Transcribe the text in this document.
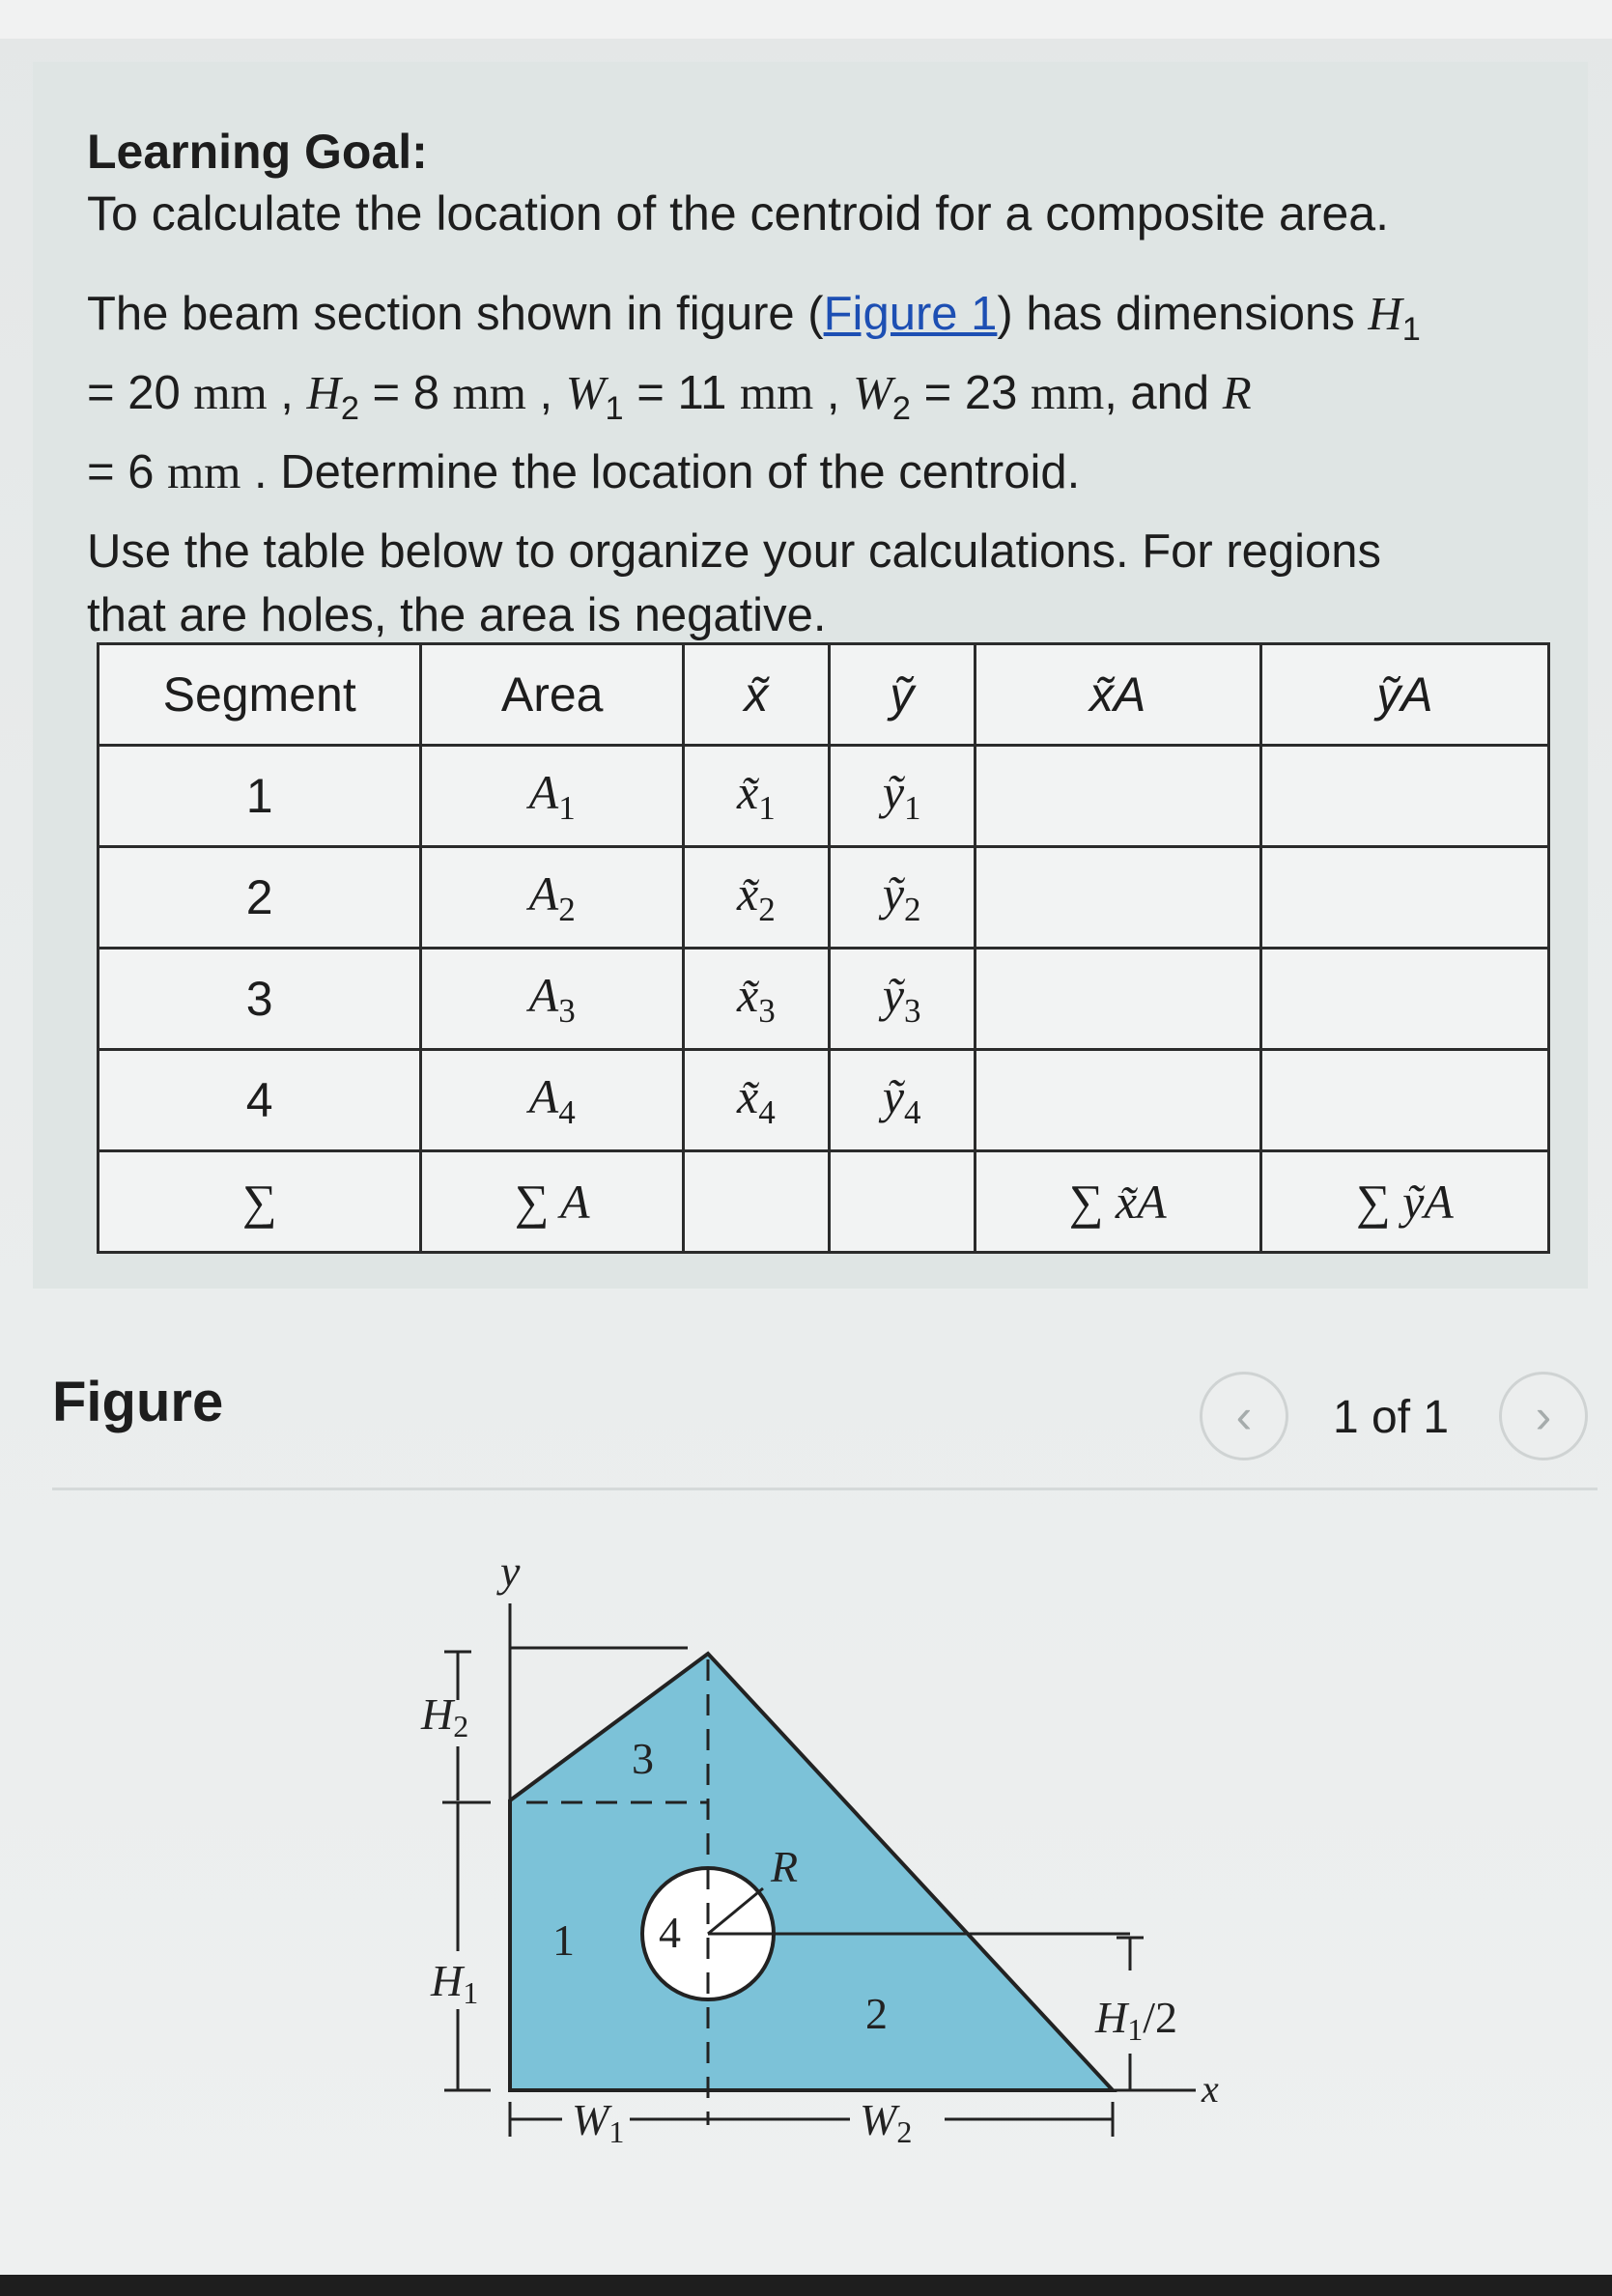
Learning Goal:
To calculate the location of the centroid for a composite area.
The beam section shown in figure (Figure 1) has dimensions $H_1$
= 20 mm , $H_2 = 8$ mm , $W_1 = 11$ mm , $W_2 = 23$ mm, and R
= 6 mm . Determine the location of the centroid.
Use the table below to organize your calculations. For regions
that are holes, the area is negative.
Segment	Area	x̃	ỹ	x̃A	ỹA
1	$A_1$	$x̃_1$	ỹ$_1$		
2	$A_2$	$x̃_2$	ỹ$_2$		
3	$A_3$	$x̃_3$	ỹ$_3$		
4	$A_4$	$x̃_4$	ỹ$_4$		
∑	∑ A			∑ x̃A	∑ ỹA
Figure	‹ 1 of 1 ›
y
x
H2
H1	H1/2
W1	W2
R
1
2
3
4
